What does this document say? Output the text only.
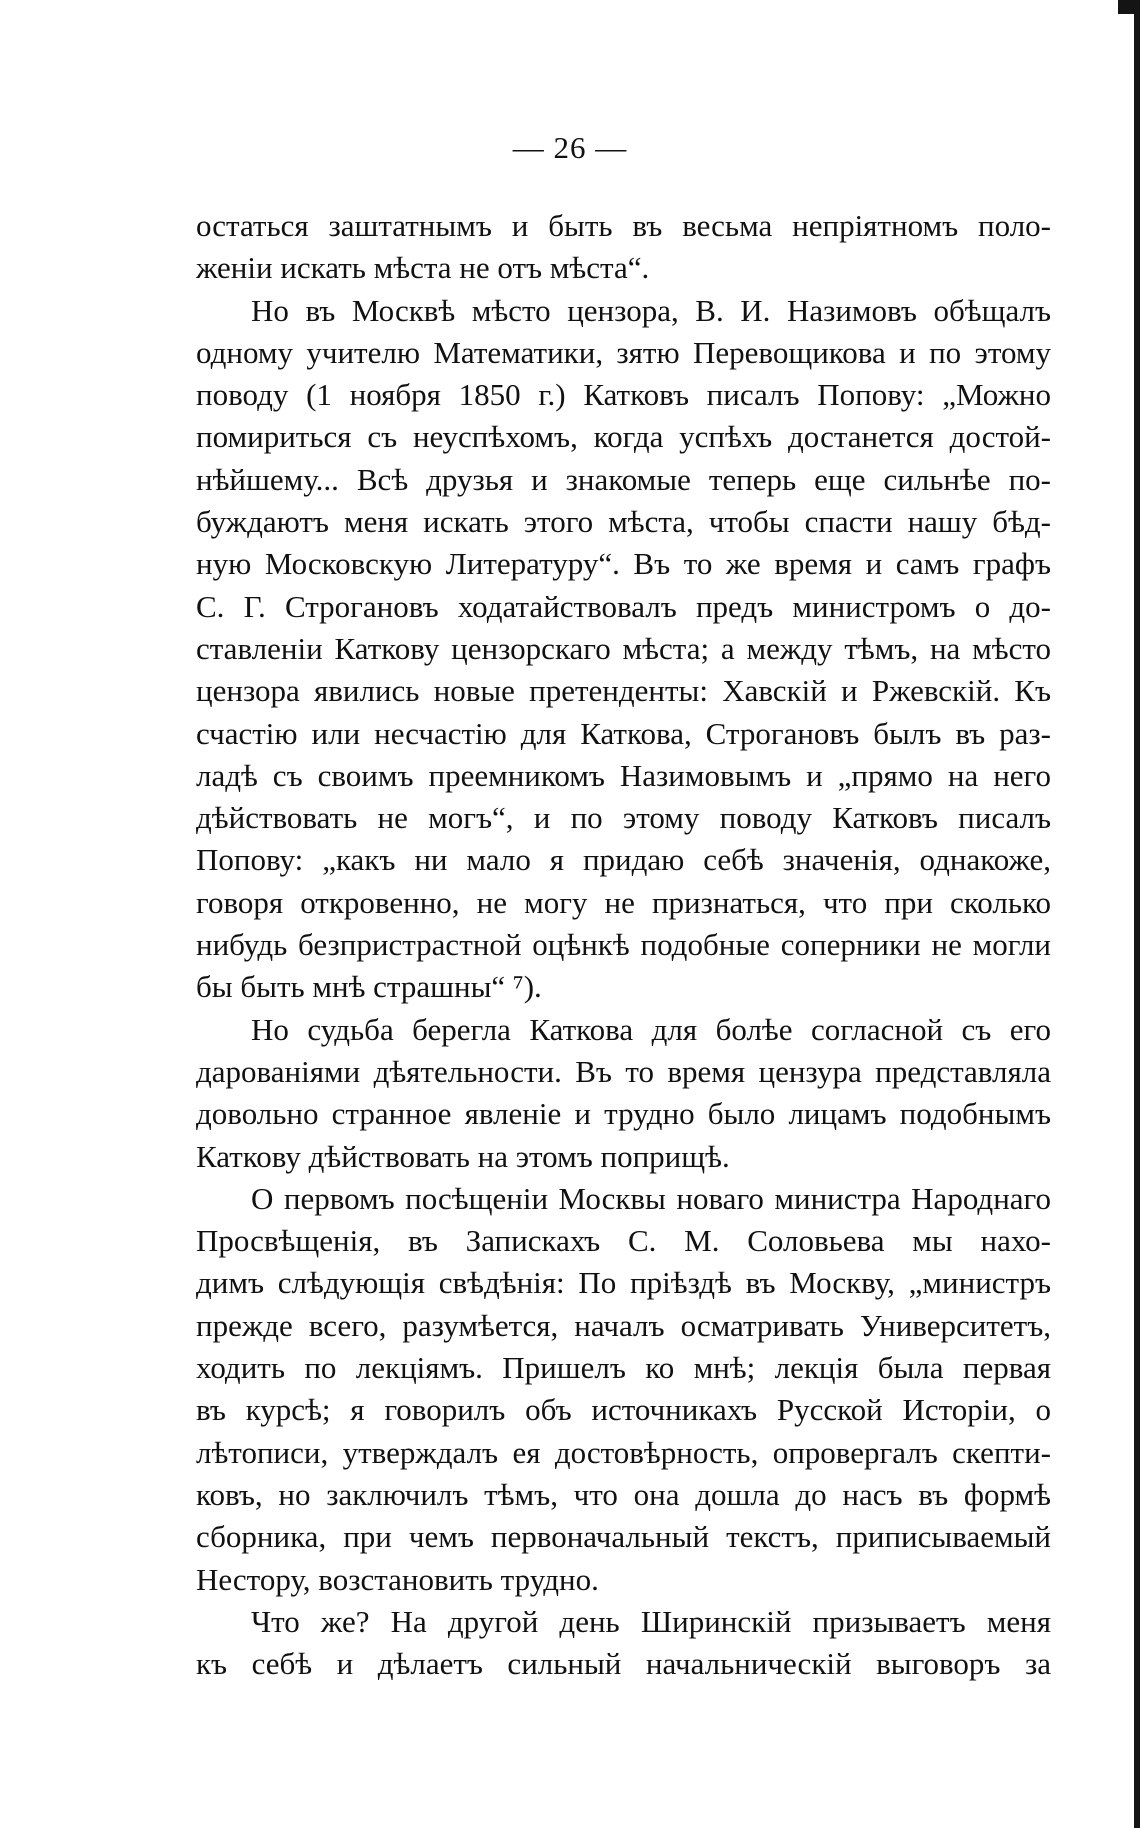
— 26 —
остаться заштатнымъ и быть въ весьма непріятномъ поло-
женіи искать мѣста не отъ мѣста“.
Но въ Москвѣ мѣсто цензора, В. И. Назимовъ обѣщалъ
одному учителю Математики, зятю Перевощикова и по этому
поводу (1 ноября 1850 г.) Катковъ писалъ Попову: „Можно
помириться съ неуспѣхомъ, когда успѣхъ достанется достой-
нѣйшему... Всѣ друзья и знакомые теперь еще сильнѣе по-
буждаютъ меня искать этого мѣста, чтобы спасти нашу бѣд-
ную Московскую Литературу“. Въ то же время и самъ графъ
С. Г. Строгановъ ходатайствовалъ предъ министромъ о до-
ставленіи Каткову цензорскаго мѣста; а между тѣмъ, на мѣсто
цензора явились новые претенденты: Хавскій и Ржевскій. Къ
счастію или несчастію для Каткова, Строгановъ былъ въ раз-
ладѣ съ своимъ преемникомъ Назимовымъ и „прямо на него
дѣйствовать не могъ“, и по этому поводу Катковъ писалъ
Попову: „какъ ни мало я придаю себѣ значенія, однакоже,
говоря откровенно, не могу не признаться, что при сколько
нибудь безпристрастной оцѣнкѣ подобные соперники не могли
бы быть мнѣ страшны“ ⁷).
Но судьба берегла Каткова для болѣе согласной съ его
дарованіями дѣятельности. Въ то время цензура представляла
довольно странное явленіе и трудно было лицамъ подобнымъ
Каткову дѣйствовать на этомъ поприщѣ.
О первомъ посѣщеніи Москвы новаго министра Народнаго
Просвѣщенія, въ Запискахъ С. М. Соловьева мы нахо-
димъ слѣдующія свѣдѣнія: По пріѣздѣ въ Москву, „министръ
прежде всего, разумѣется, началъ осматривать Университетъ,
ходить по лекціямъ. Пришелъ ко мнѣ; лекція была первая
въ курсѣ; я говорилъ объ источникахъ Русской Исторіи, о
лѣтописи, утверждалъ ея достовѣрность, опровергалъ скепти-
ковъ, но заключилъ тѣмъ, что она дошла до насъ въ формѣ
сборника, при чемъ первоначальный текстъ, приписываемый
Нестору, возстановить трудно.
Что же? На другой день Ширинскій призываетъ меня
къ себѣ и дѣлаетъ сильный начальническій выговоръ за
